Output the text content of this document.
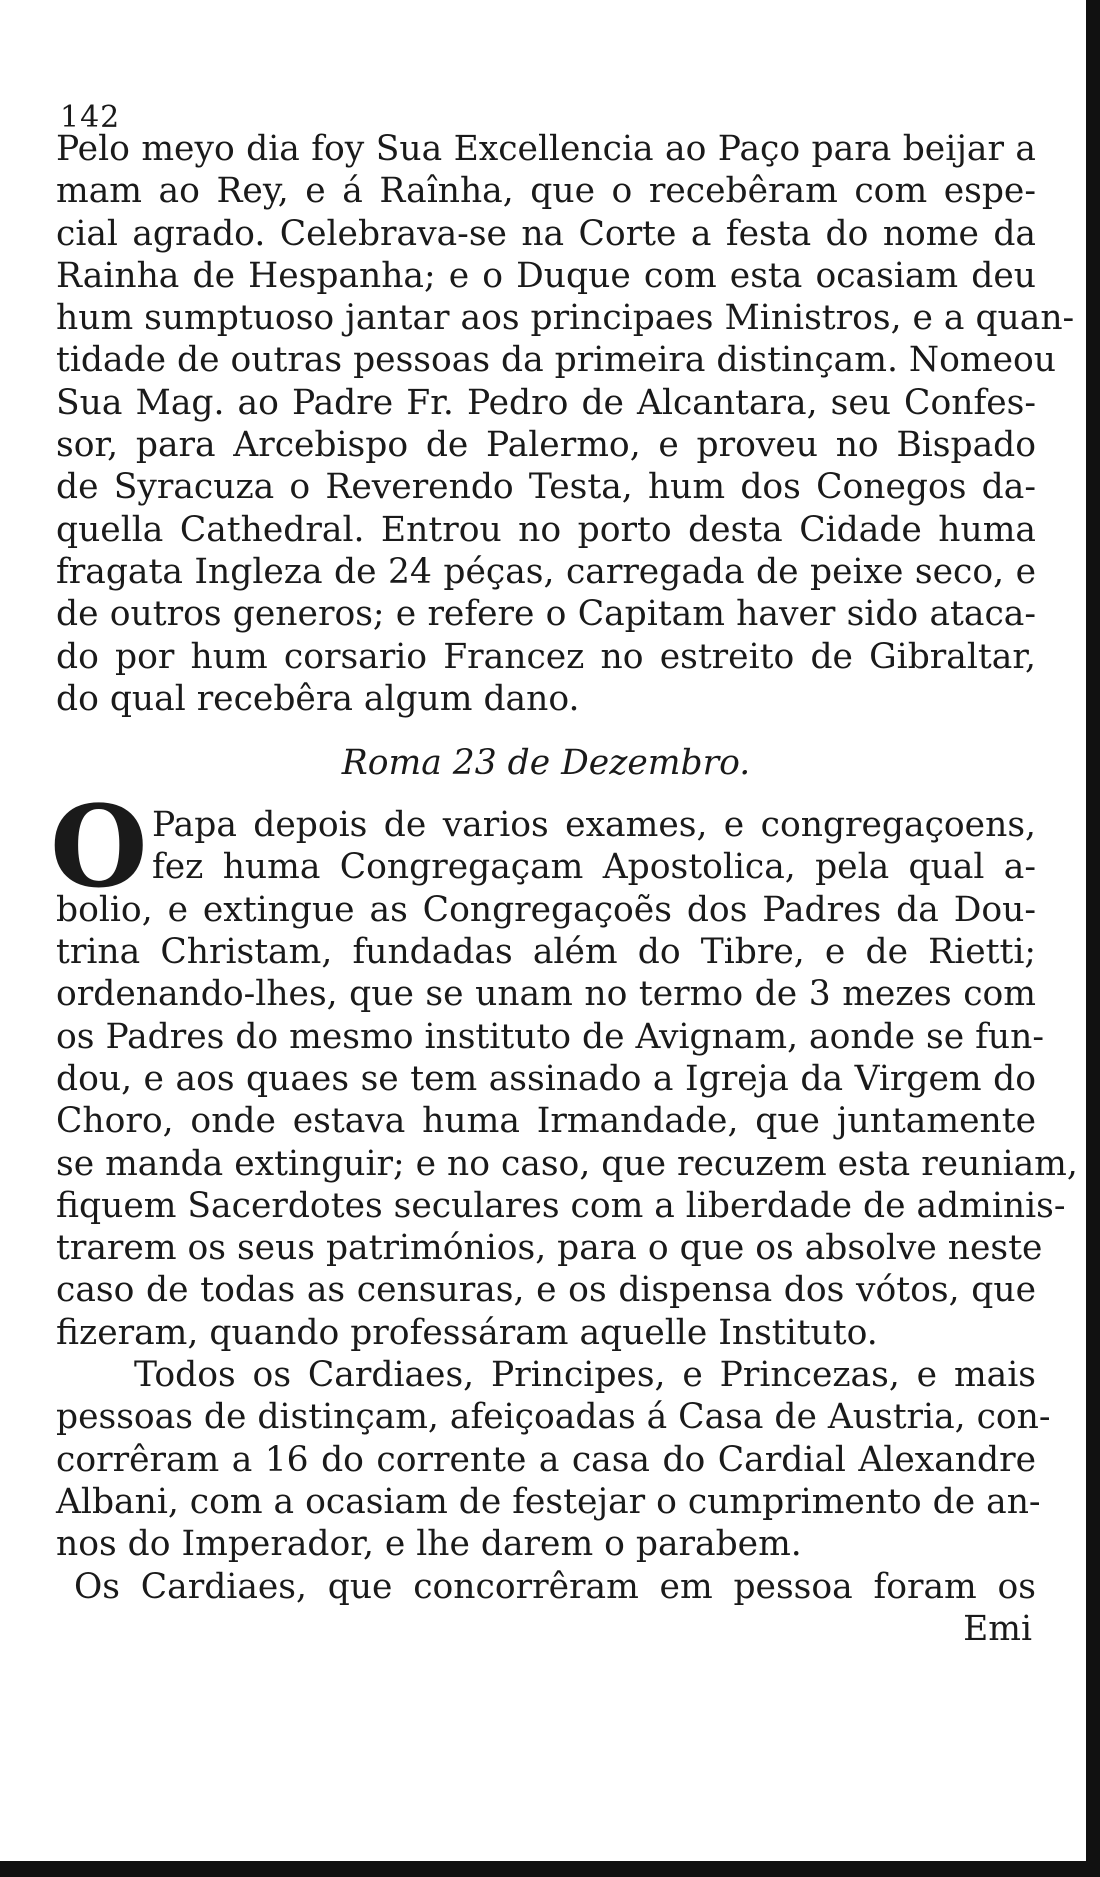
142
Pelo meyo dia foy Sua Excellencia ao Paço para beijar a
mam ao Rey, e á Raînha, que o recebêram com espe-
cial agrado. Celebrava-se na Corte a festa do nome da
Rainha de Hespanha; e o Duque com esta ocasiam deu
hum sumptuoso jantar aos principaes Ministros, e a quan-
tidade de outras pessoas da primeira distinçam. Nomeou
Sua Mag. ao Padre Fr. Pedro de Alcantara, seu Confes-
sor, para Arcebispo de Palermo, e proveu no Bispado
de Syracuza o Reverendo Testa, hum dos Conegos da-
quella Cathedral. Entrou no porto desta Cidade huma
fragata Ingleza de 24 péças, carregada de peixe seco, e
de outros generos; e refere o Capitam haver sido ataca-
do por hum corsario Francez no estreito de Gibraltar,
do qual recebêra algum dano.
Roma 23 de Dezembro.
O Papa depois de varios exames, e congregaçoens,
fez huma Congregaçam Apostolica, pela qual a-
bolio, e extingue as Congregaçoẽs dos Padres da Dou-
trina Christam, fundadas além do Tibre, e de Rietti;
ordenando-lhes, que se unam no termo de 3 mezes com
os Padres do mesmo instituto de Avignam, aonde se fun-
dou, e aos quaes se tem assinado a Igreja da Virgem do
Choro, onde estava huma Irmandade, que juntamente
se manda extinguir; e no caso, que recuzem esta reuniam,
fiquem Sacerdotes seculares com a liberdade de adminis-
trarem os seus patrimónios, para o que os absolve neste
caso de todas as censuras, e os dispensa dos vótos, que
fizeram, quando professáram aquelle Instituto.
Todos os Cardiaes, Principes, e Princezas, e mais
pessoas de distinçam, afeiçoadas á Casa de Austria, con-
corrêram a 16 do corrente a casa do Cardial Alexandre
Albani, com a ocasiam de festejar o cumprimento de an-
nos do Imperador, e lhe darem o parabem.
Os Cardiaes, que concorrêram em pessoa foram os
Emi
